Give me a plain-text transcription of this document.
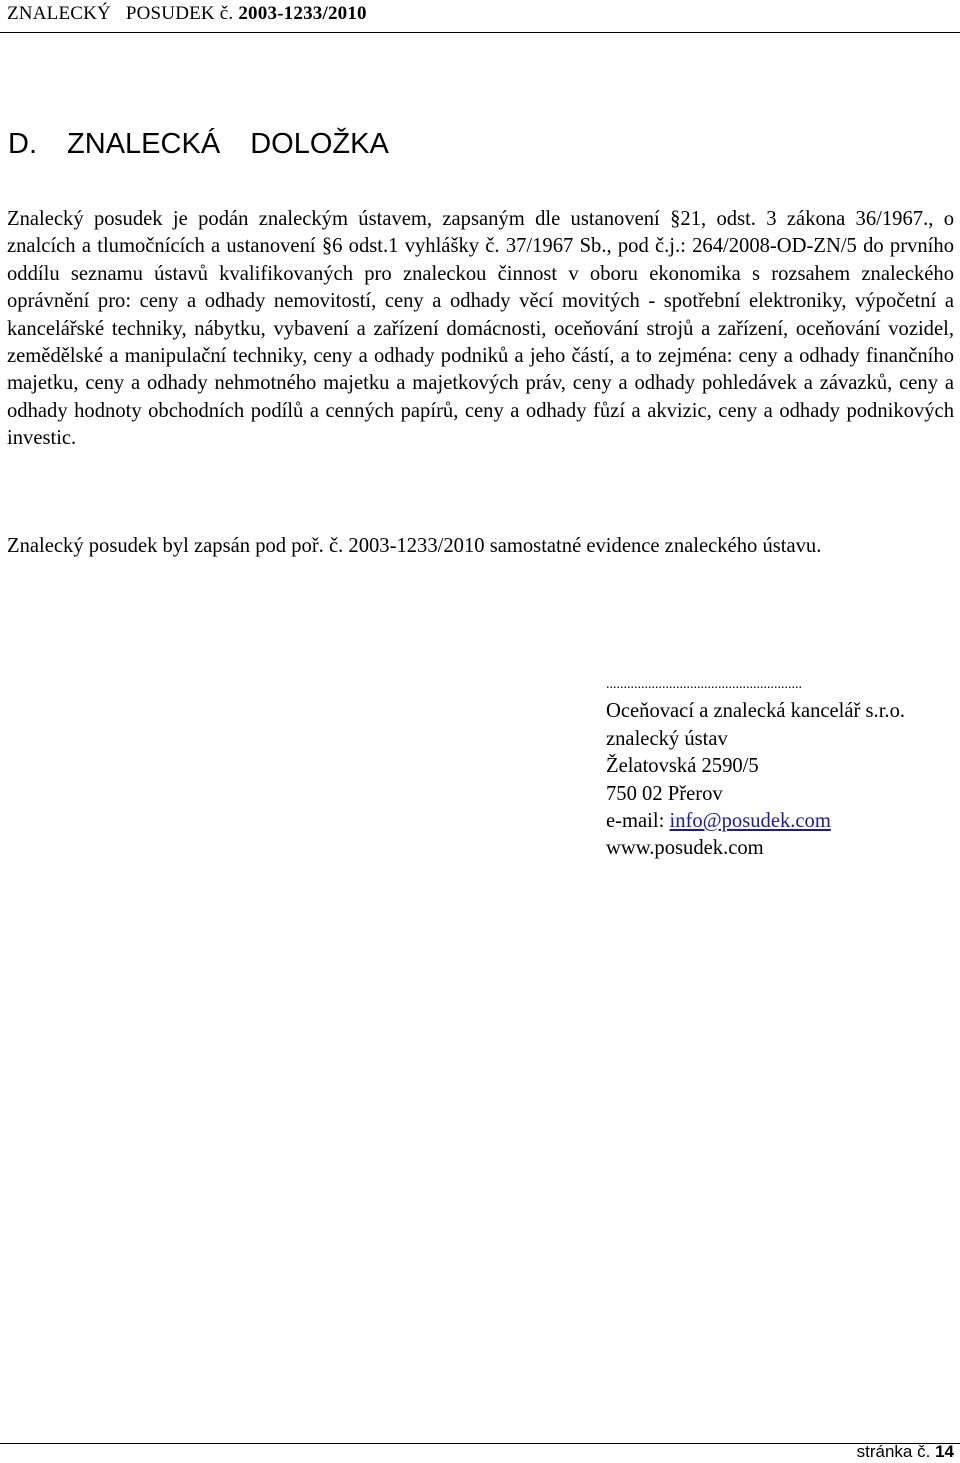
ZNALECKÝ   POSUDEK č. 2003-1233/2010
D. ZNALECKÁ DOLOŽKA

Znalecký posudek je podán znaleckým ústavem, zapsaným dle ustanovení §21, odst. 3 zákona 36/1967., o znalcích a tlumočnících a ustanovení §6 odst.1 vyhlášky č. 37/1967 Sb., pod č.j.: 264/2008-OD-ZN/5 do prvního oddílu seznamu ústavů kvalifikovaných pro znaleckou činnost v oboru ekonomika s rozsahem znaleckého oprávnění pro: ceny a odhady nemovitostí, ceny a odhady věcí movitých - spotřební elektroniky, výpočetní a kancelářské techniky, nábytku, vybavení a zařízení domácnosti, oceňování strojů a zařízení, oceňování vozidel, zemědělské a manipulační techniky, ceny a odhady podniků a jeho částí, a to zejména: ceny a odhady finančního majetku, ceny a odhady nehmotného majetku a majetkových práv, ceny a odhady pohledávek a závazků, ceny a odhady hodnoty obchodních podílů a cenných papírů, ceny a odhady fůzí a akvizic, ceny a odhady podnikových investic.

Znalecký posudek byl zapsán pod poř. č. 2003-1233/2010 samostatné evidence znaleckého ústavu.

........................................................
Oceňovací a znalecká kancelář s.r.o.
znalecký ústav
Želatovská 2590/5
750 02 Přerov
e-mail: info@posudek.com
www.posudek.com
stránka č. 14
